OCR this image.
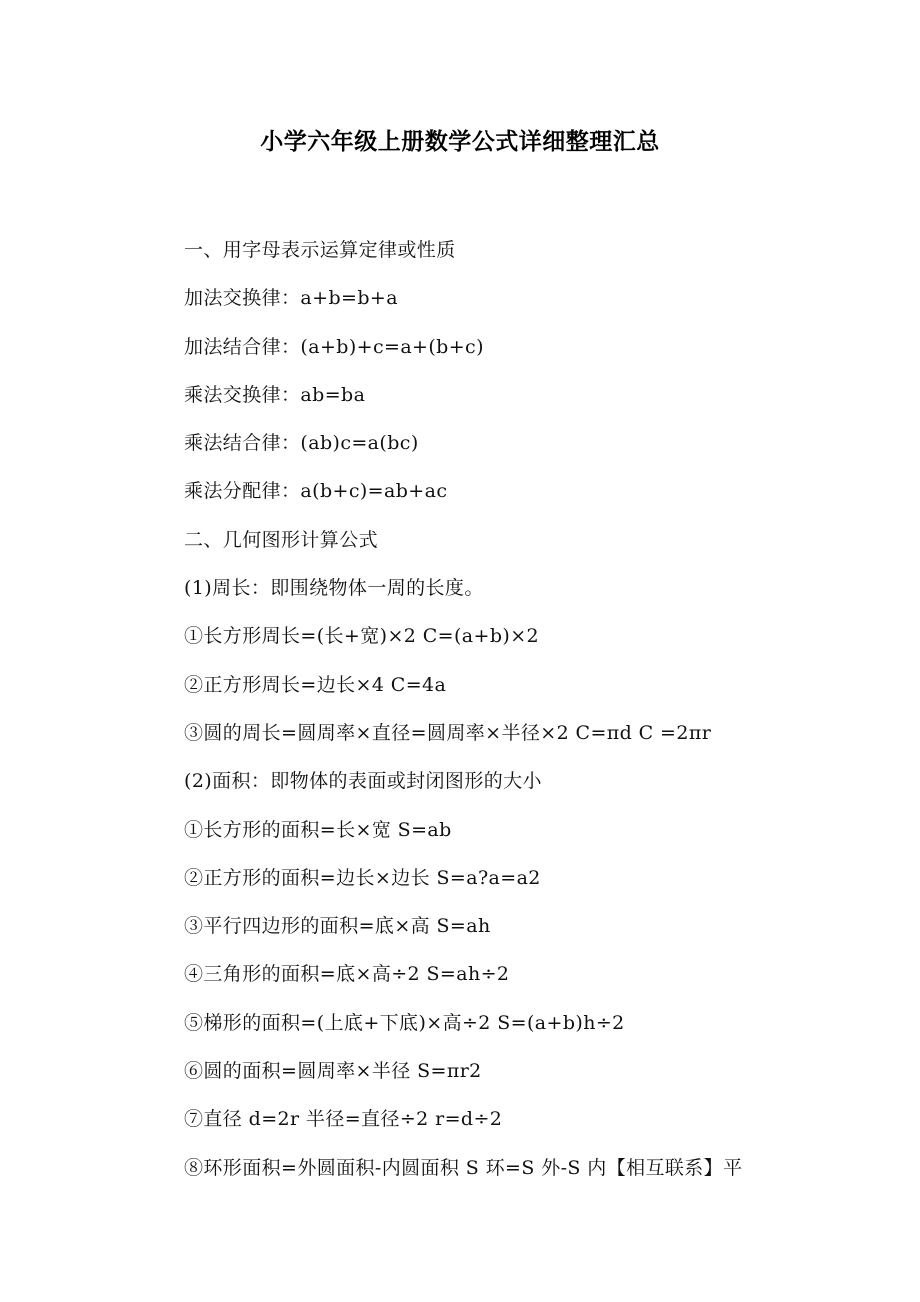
小学六年级上册数学公式详细整理汇总
一、用字母表示运算定律或性质
加法交换律：a+b=b+a
加法结合律：(a+b)+c=a+(b+c)
乘法交换律：ab=ba
乘法结合律：(ab)c=a(bc)
乘法分配律：a(b+c)=ab+ac
二、几何图形计算公式
(1)周长：即围绕物体一周的长度。
①长方形周长=(长+宽)×2 C=(a+b)×2
②正方形周长=边长×4 C=4a
③圆的周长=圆周率×直径=圆周率×半径×2 C=πd C =2πr
(2)面积：即物体的表面或封闭图形的大小
①长方形的面积=长×宽 S=ab
②正方形的面积=边长×边长 S=a?a=a2
③平行四边形的面积=底×高 S=ah
④三角形的面积=底×高÷2 S=ah÷2
⑤梯形的面积=(上底+下底)×高÷2 S=(a+b)h÷2
⑥圆的面积=圆周率×半径 S=πr2
⑦直径 d=2r 半径=直径÷2 r=d÷2
⑧环形面积=外圆面积-内圆面积 S 环=S 外-S 内【相互联系】平
